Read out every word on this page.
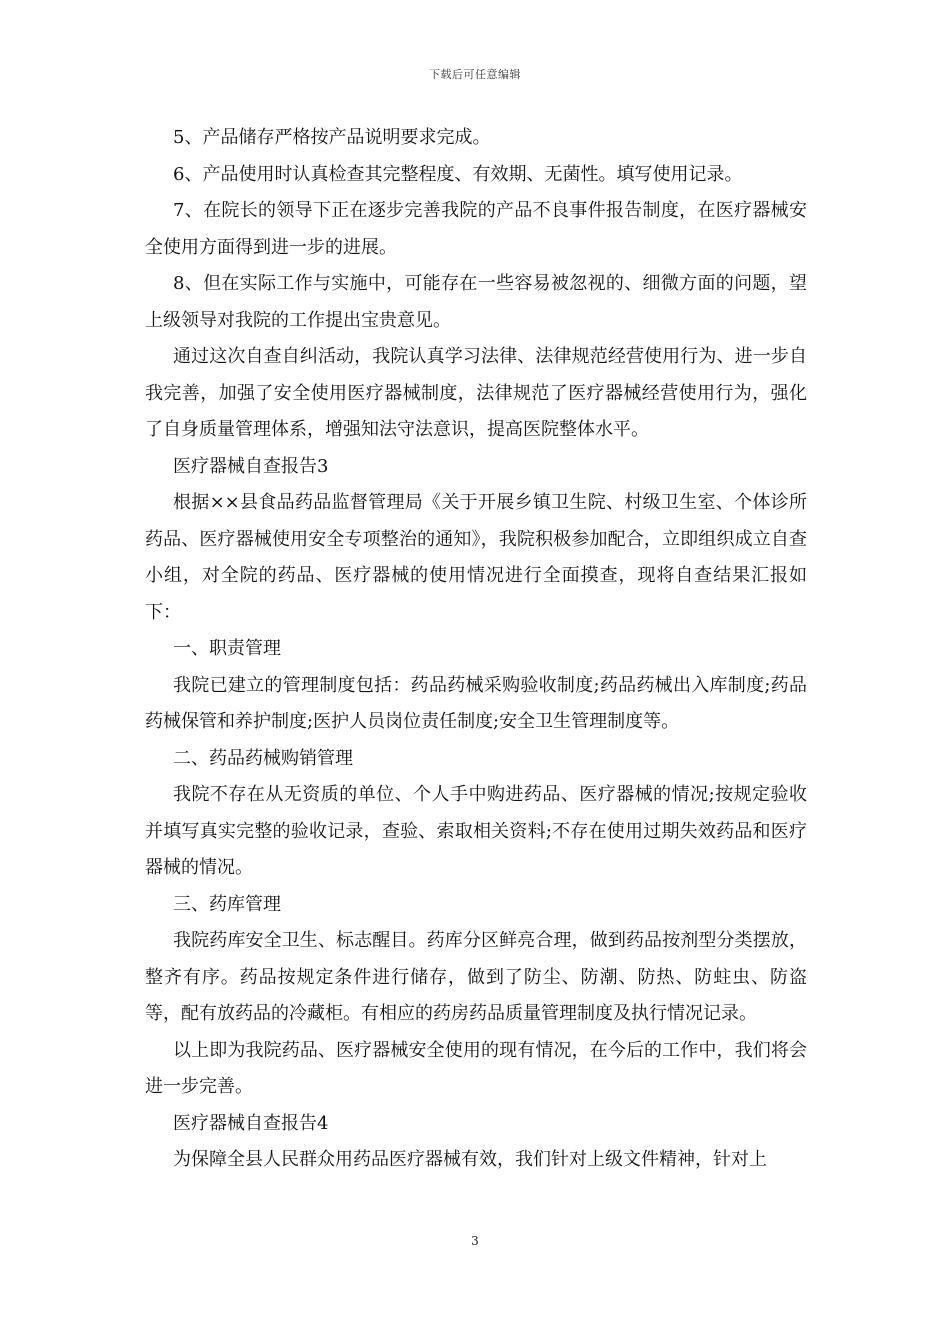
下载后可任意编辑

5、产品储存严格按产品说明要求完成。

6、产品使用时认真检查其完整程度、有效期、无菌性。填写使用记录。

7、在院长的领导下正在逐步完善我院的产品不良事件报告制度，在医疗器械安全使用方面得到进一步的进展。

8、但在实际工作与实施中，可能存在一些容易被忽视的、细微方面的问题，望上级领导对我院的工作提出宝贵意见。

通过这次自查自纠活动，我院认真学习法律、法律规范经营使用行为、进一步自我完善，加强了安全使用医疗器械制度，法律规范了医疗器械经营使用行为，强化了自身质量管理体系，增强知法守法意识，提高医院整体水平。

医疗器械自查报告3

根据××县食品药品监督管理局《关于开展乡镇卫生院、村级卫生室、个体诊所药品、医疗器械使用安全专项整治的通知》，我院积极参加配合，立即组织成立自查小组，对全院的药品、医疗器械的使用情况进行全面摸查，现将自查结果汇报如下：

一、职责管理

我院已建立的管理制度包括：药品药械采购验收制度;药品药械出入库制度;药品药械保管和养护制度;医护人员岗位责任制度;安全卫生管理制度等。

二、药品药械购销管理

我院不存在从无资质的单位、个人手中购进药品、医疗器械的情况;按规定验收并填写真实完整的验收记录，查验、索取相关资料;不存在使用过期失效药品和医疗器械的情况。

三、药库管理

我院药库安全卫生、标志醒目。药库分区鲜亮合理，做到药品按剂型分类摆放，整齐有序。药品按规定条件进行储存，做到了防尘、防潮、防热、防蛀虫、防盗等，配有放药品的冷藏柜。有相应的药房药品质量管理制度及执行情况记录。

以上即为我院药品、医疗器械安全使用的现有情况，在今后的工作中，我们将会进一步完善。

医疗器械自查报告4

为保障全县人民群众用药品医疗器械有效，我们针对上级文件精神，针对上

3
